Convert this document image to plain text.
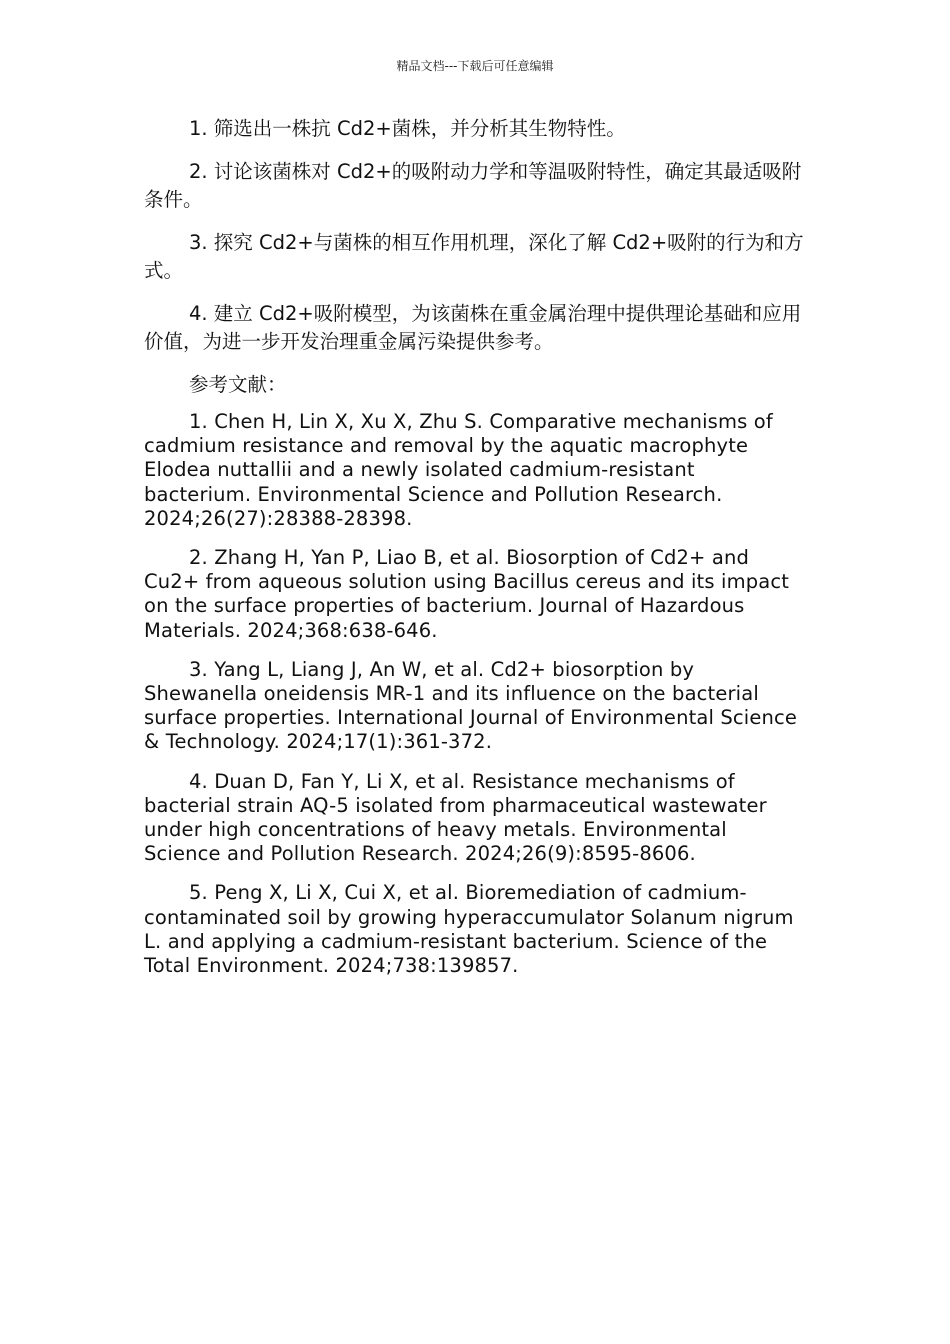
精品文档---下载后可任意编辑

1. 筛选出一株抗 Cd2+菌株，并分析其生物特性。

2. 讨论该菌株对 Cd2+的吸附动力学和等温吸附特性，确定其最适吸附条件。

3. 探究 Cd2+与菌株的相互作用机理，深化了解 Cd2+吸附的行为和方式。

4. 建立 Cd2+吸附模型，为该菌株在重金属治理中提供理论基础和应用价值，为进一步开发治理重金属污染提供参考。

参考文献：

1. Chen H, Lin X, Xu X, Zhu S. Comparative mechanisms of cadmium resistance and removal by the aquatic macrophyte Elodea nuttallii and a newly isolated cadmium-resistant bacterium. Environmental Science and Pollution Research. 2024;26(27):28388-28398.

2. Zhang H, Yan P, Liao B, et al. Biosorption of Cd2+ and Cu2+ from aqueous solution using Bacillus cereus and its impact on the surface properties of bacterium. Journal of Hazardous Materials. 2024;368:638-646.

3. Yang L, Liang J, An W, et al. Cd2+ biosorption by Shewanella oneidensis MR-1 and its influence on the bacterial surface properties. International Journal of Environmental Science & Technology. 2024;17(1):361-372.

4. Duan D, Fan Y, Li X, et al. Resistance mechanisms of bacterial strain AQ-5 isolated from pharmaceutical wastewater under high concentrations of heavy metals. Environmental Science and Pollution Research. 2024;26(9):8595-8606.

5. Peng X, Li X, Cui X, et al. Bioremediation of cadmium-contaminated soil by growing hyperaccumulator Solanum nigrum L. and applying a cadmium-resistant bacterium. Science of the Total Environment. 2024;738:139857.
